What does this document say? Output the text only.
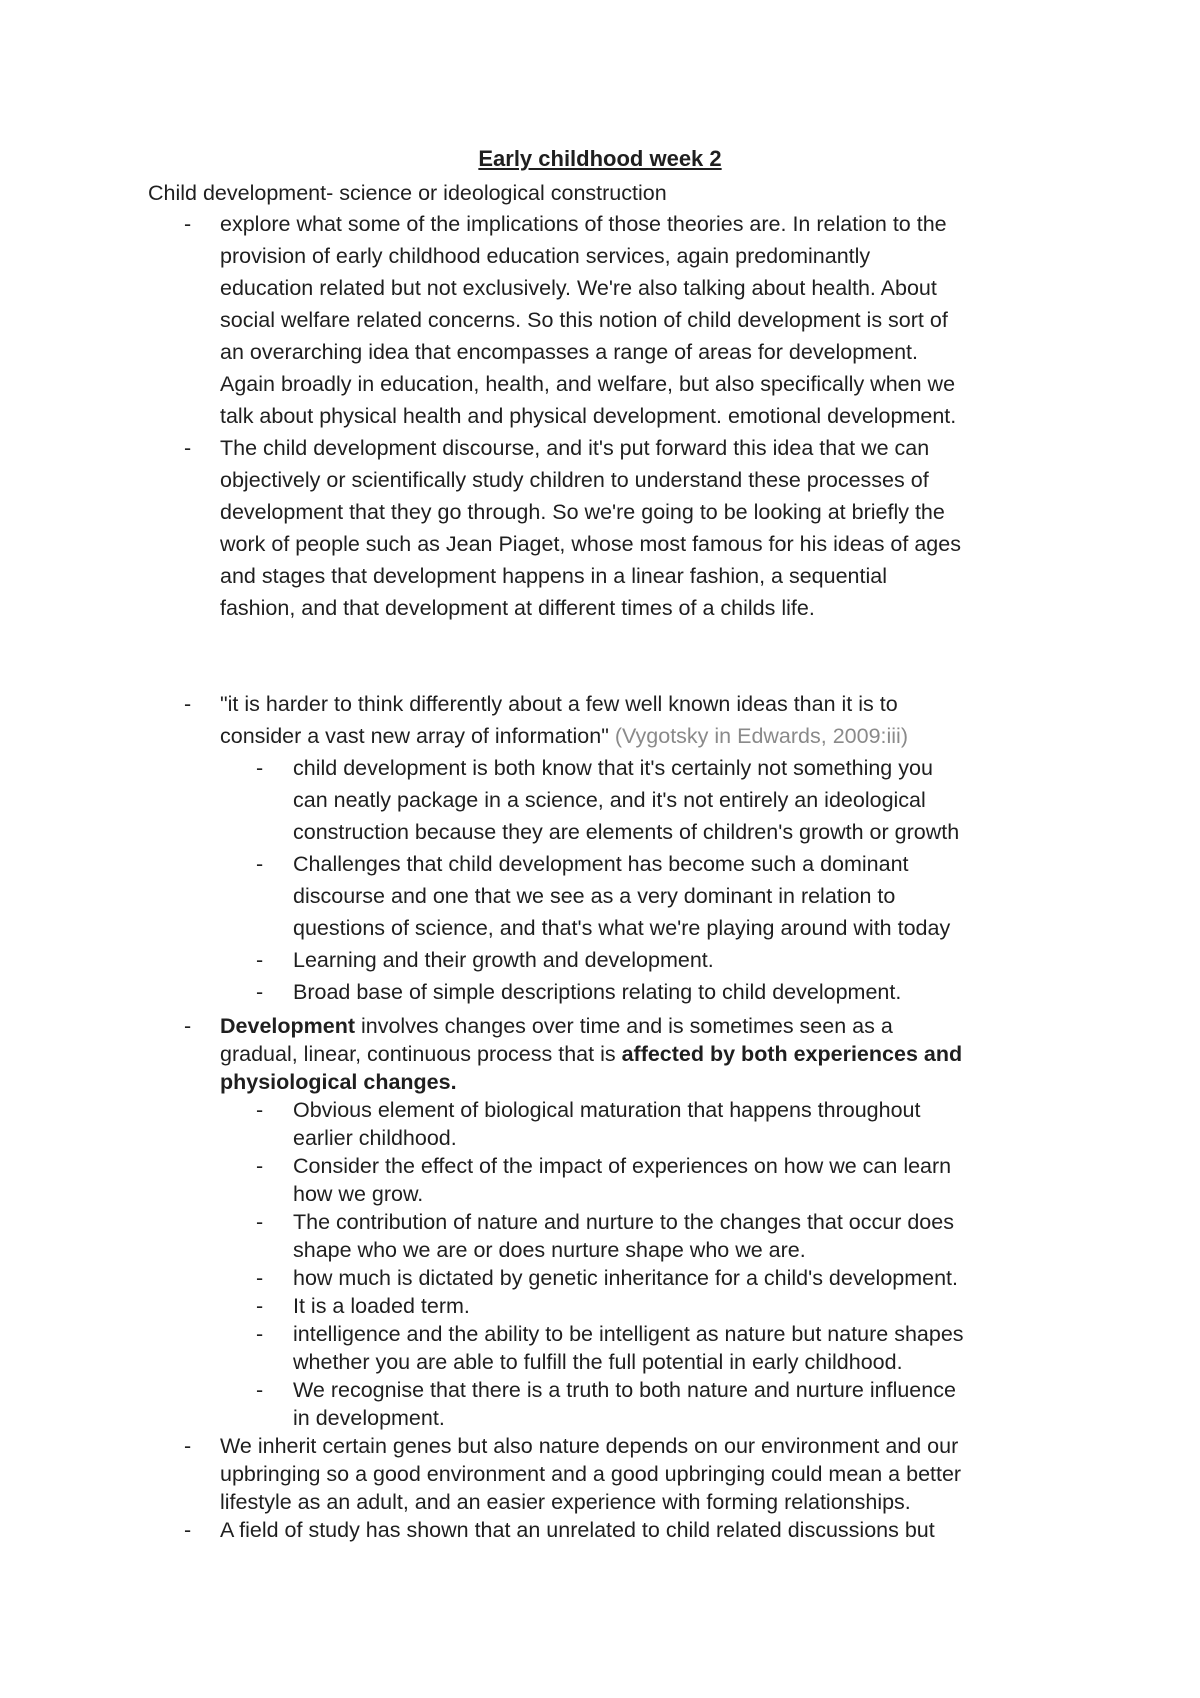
Early childhood week 2
Child development- science or ideological construction
- explore what some of the implications of those theories are. In relation to the
provision of early childhood education services, again predominantly
education related but not exclusively. We're also talking about health. About
social welfare related concerns. So this notion of child development is sort of
an overarching idea that encompasses a range of areas for development.
Again broadly in education, health, and welfare, but also specifically when we
talk about physical health and physical development. emotional development.
- The child development discourse, and it's put forward this idea that we can
objectively or scientifically study children to understand these processes of
development that they go through. So we're going to be looking at briefly the
work of people such as Jean Piaget, whose most famous for his ideas of ages
and stages that development happens in a linear fashion, a sequential
fashion, and that development at different times of a childs life.
- "it is harder to think differently about a few well known ideas than it is to
consider a vast new array of information" (Vygotsky in Edwards, 2009:iii)
- child development is both know that it's certainly not something you
can neatly package in a science, and it's not entirely an ideological
construction because they are elements of children's growth or growth
- Challenges that child development has become such a dominant
discourse and one that we see as a very dominant in relation to
questions of science, and that's what we're playing around with today
- Learning and their growth and development.
- Broad base of simple descriptions relating to child development.
- Development involves changes over time and is sometimes seen as a
gradual, linear, continuous process that is affected by both experiences and
physiological changes.
- Obvious element of biological maturation that happens throughout
earlier childhood.
- Consider the effect of the impact of experiences on how we can learn
how we grow.
- The contribution of nature and nurture to the changes that occur does
shape who we are or does nurture shape who we are.
- how much is dictated by genetic inheritance for a child's development.
- It is a loaded term.
- intelligence and the ability to be intelligent as nature but nature shapes
whether you are able to fulfill the full potential in early childhood.
- We recognise that there is a truth to both nature and nurture influence
in development.
- We inherit certain genes but also nature depends on our environment and our
upbringing so a good environment and a good upbringing could mean a better
lifestyle as an adult, and an easier experience with forming relationships.
- A field of study has shown that an unrelated to child related discussions but
